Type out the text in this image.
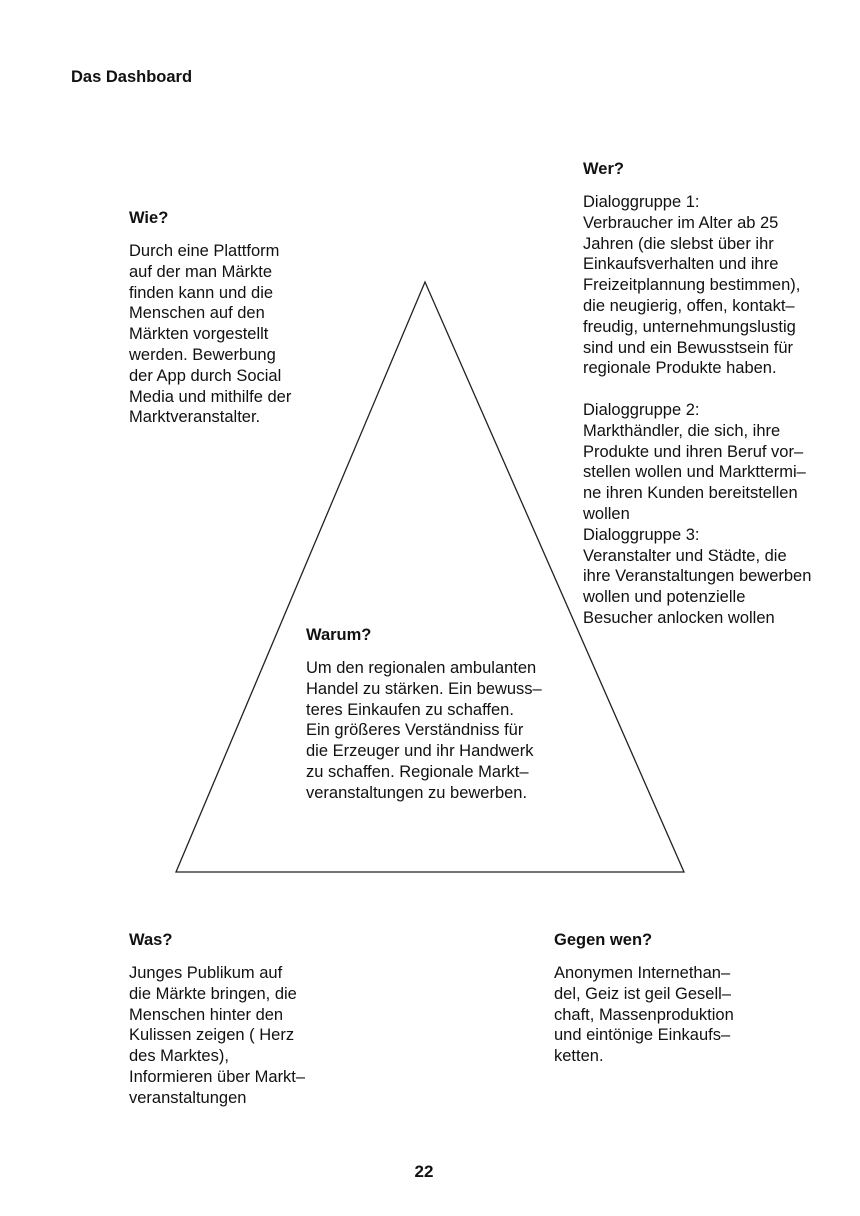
Das Dashboard
Wie?

Durch eine Plattform
auf der man Märkte
finden kann und die
Menschen auf den
Märkten vorgestellt
werden. Bewerbung
der App durch Social
Media und mithilfe der
Marktveranstalter.

Wer?

Dialoggruppe 1:
Verbraucher im Alter ab 25
Jahren (die slebst über ihr
Einkaufsverhalten und ihre
Freizeitplannung bestimmen),
die neugierig, offen, kontakt–
freudig, unternehmungslustig
sind und ein Bewusstsein für
regionale Produkte haben.

Dialoggruppe 2:
Markthändler, die sich, ihre
Produkte und ihren Beruf vor–
stellen wollen und Markttermi–
ne ihren Kunden bereitstellen
wollen

Dialoggruppe 3:
Veranstalter und Städte, die
ihre Veranstaltungen bewerben
wollen und potenzielle
Besucher anlocken wollen

Warum?

Um den regionalen ambulanten
Handel zu stärken. Ein bewuss–
teres Einkaufen zu schaffen.
Ein größeres Verständniss für
die Erzeuger und ihr Handwerk
zu schaffen. Regionale Markt–
veranstaltungen zu bewerben.

Was?

Junges Publikum auf
die Märkte bringen, die
Menschen hinter den
Kulissen zeigen ( Herz
des Marktes),
Informieren über Markt–
veranstaltungen

Gegen wen?

Anonymen Internethan–
del, Geiz ist geil Gesell–
chaft, Massenproduktion
und eintönige Einkaufs–
ketten.

22
